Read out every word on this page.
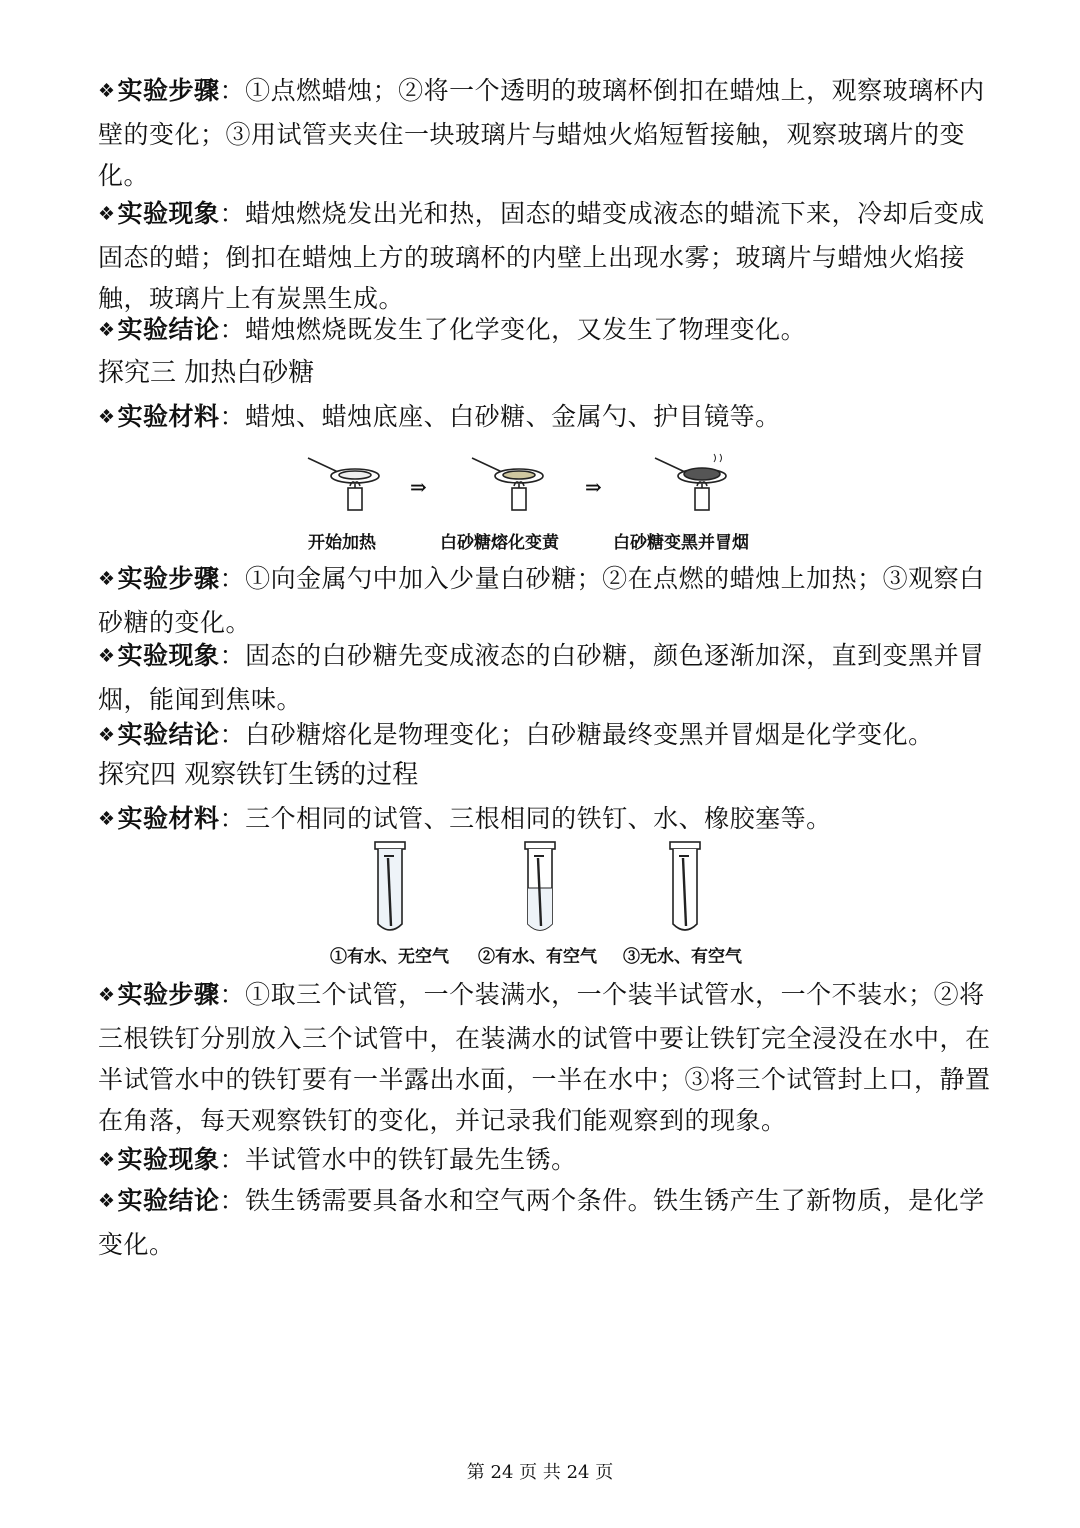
❖实验步骤：①点燃蜡烛；②将一个透明的玻璃杯倒扣在蜡烛上，观察玻璃杯内壁的变化；③用试管夹夹住一块玻璃片与蜡烛火焰短暂接触，观察玻璃片的变化。
❖实验现象：蜡烛燃烧发出光和热，固态的蜡变成液态的蜡流下来，冷却后变成固态的蜡；倒扣在蜡烛上方的玻璃杯的内壁上出现水雾；玻璃片与蜡烛火焰接触，玻璃片上有炭黑生成。
❖实验结论：蜡烛燃烧既发生了化学变化，又发生了物理变化。
探究三 加热白砂糖
❖实验材料：蜡烛、蜡烛底座、白砂糖、金属勺、护目镜等。
⇒	⇒
开始加热	白砂糖熔化变黄	白砂糖变黑并冒烟
❖实验步骤：①向金属勺中加入少量白砂糖；②在点燃的蜡烛上加热；③观察白砂糖的变化。
❖实验现象：固态的白砂糖先变成液态的白砂糖，颜色逐渐加深，直到变黑并冒烟，能闻到焦味。
❖实验结论：白砂糖熔化是物理变化；白砂糖最终变黑并冒烟是化学变化。
探究四 观察铁钉生锈的过程
❖实验材料：三个相同的试管、三根相同的铁钉、水、橡胶塞等。
①有水、无空气 ②有水、有空气 ③无水、有空气
❖实验步骤：①取三个试管，一个装满水，一个装半试管水，一个不装水；②将三根铁钉分别放入三个试管中，在装满水的试管中要让铁钉完全浸没在水中，在半试管水中的铁钉要有一半露出水面，一半在水中；③将三个试管封上口，静置在角落，每天观察铁钉的变化，并记录我们能观察到的现象。
❖实验现象：半试管水中的铁钉最先生锈。
❖实验结论：铁生锈需要具备水和空气两个条件。铁生锈产生了新物质，是化学变化。
第 24 页 共 24 页
